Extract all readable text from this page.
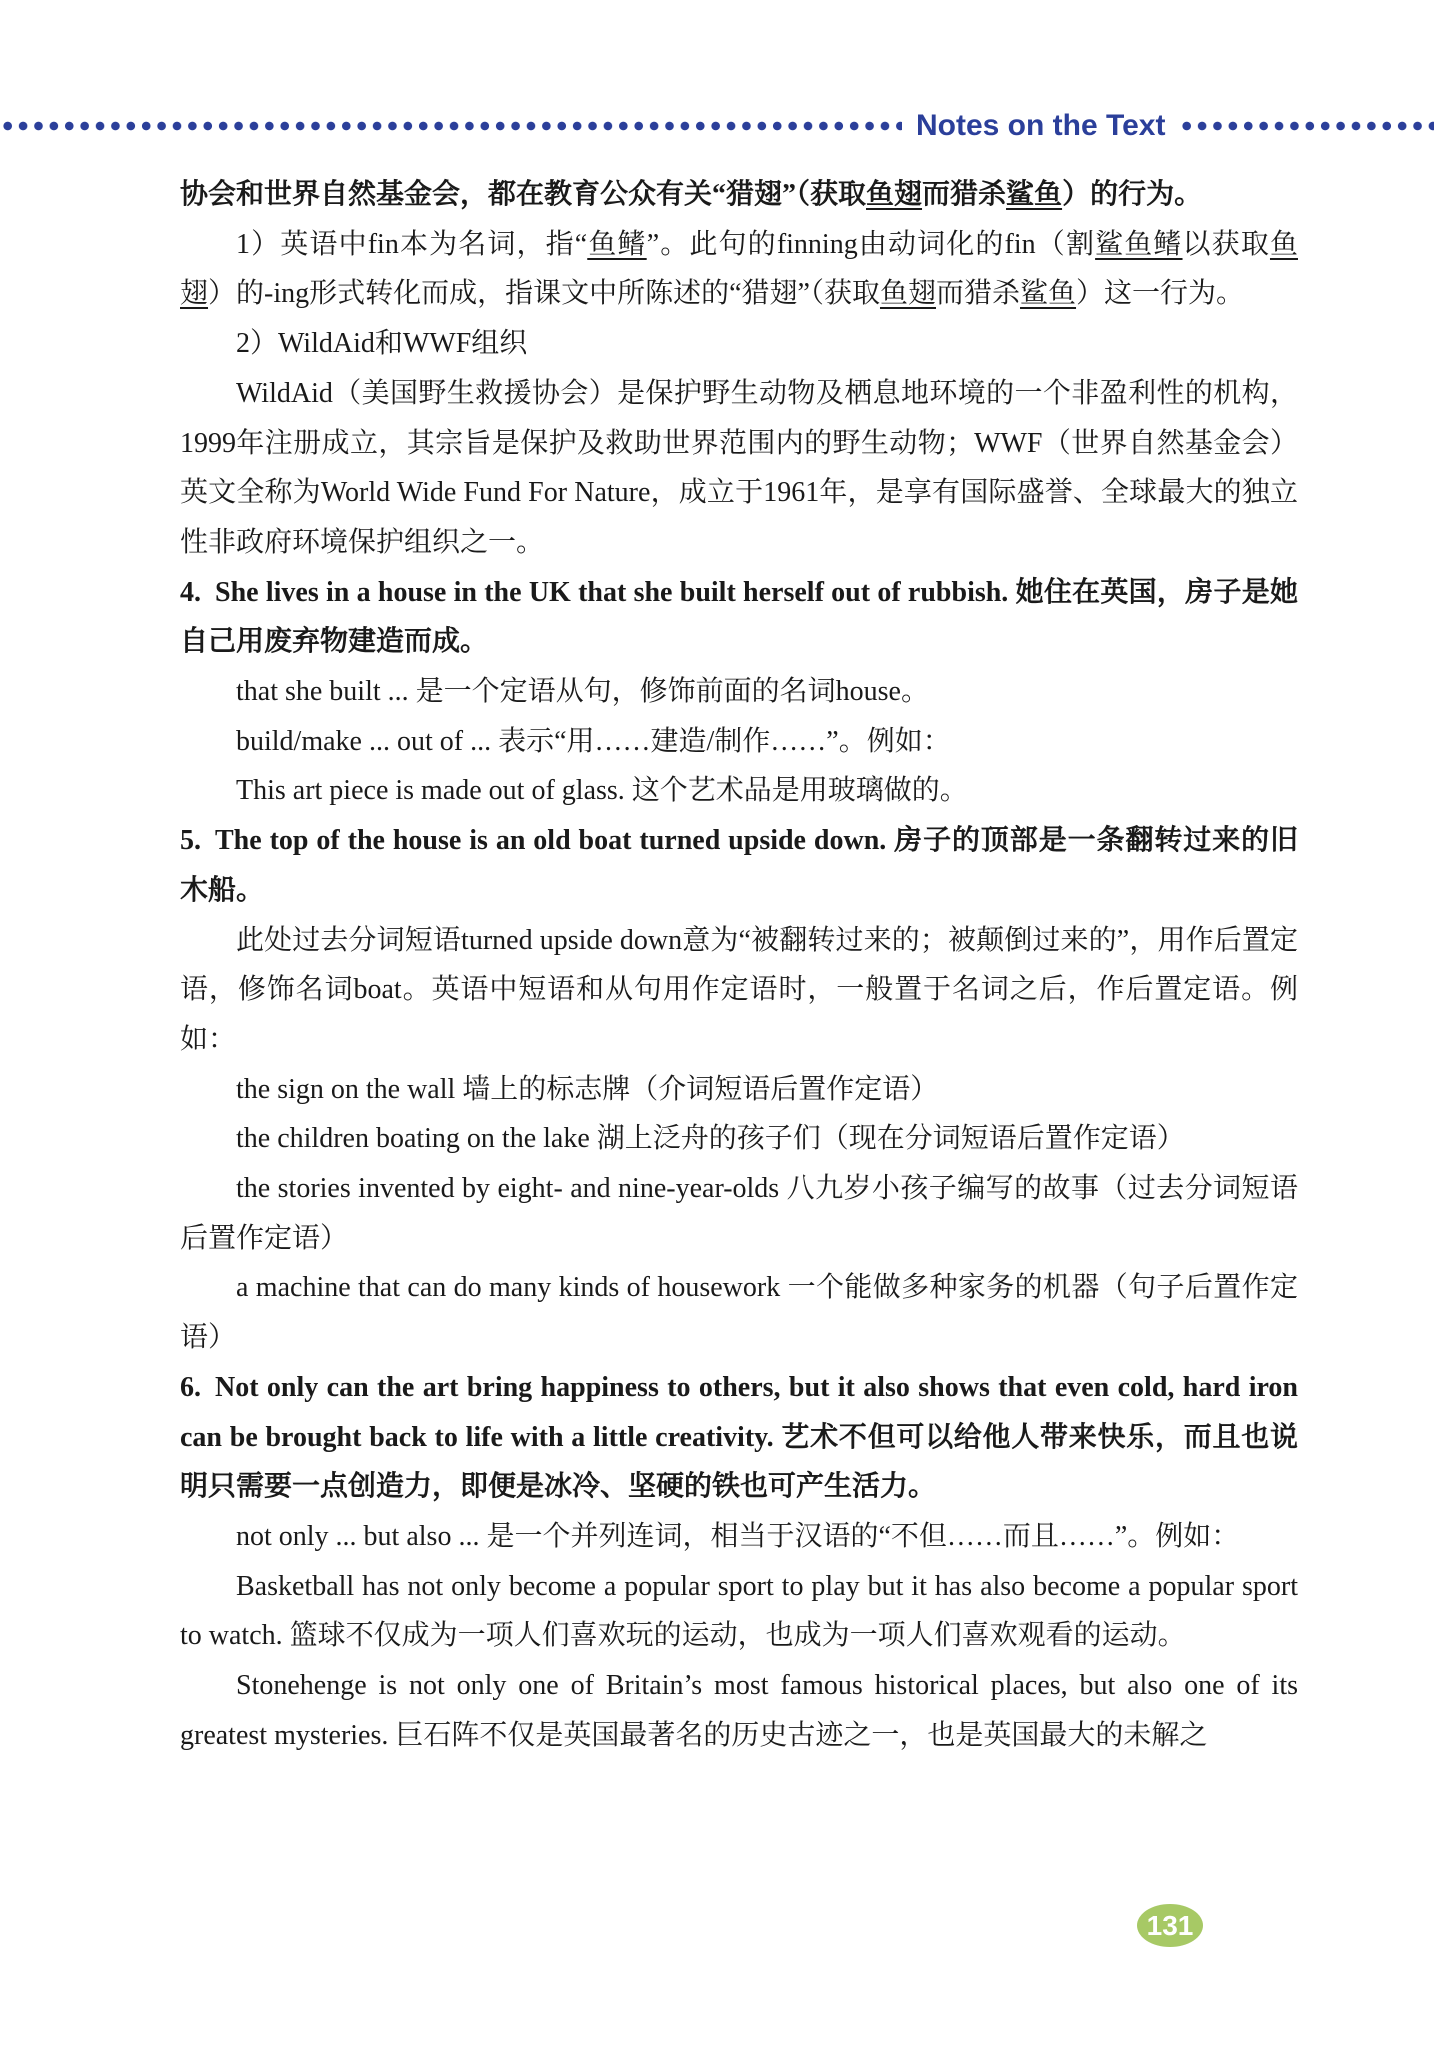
Notes on the Text

协会和世界自然基金会，都在教育公众有关“猎翅”（获取鱼翅而猎杀鲨鱼）的行为。

1）英语中fin本为名词，指“鱼鳍”。此句的finning由动词化的fin（割鲨鱼鳍以获取鱼翅）的-ing形式转化而成，指课文中所陈述的“猎翅”（获取鱼翅而猎杀鲨鱼）这一行为。

2）WildAid和WWF组织

WildAid（美国野生救援协会）是保护野生动物及栖息地环境的一个非盈利性的机构，1999年注册成立，其宗旨是保护及救助世界范围内的野生动物；WWF（世界自然基金会）英文全称为World Wide Fund For Nature，成立于1961年，是享有国际盛誉、全球最大的独立性非政府环境保护组织之一。

4. She lives in a house in the UK that she built herself out of rubbish. 她住在英国，房子是她自己用废弃物建造而成。

that she built ... 是一个定语从句，修饰前面的名词house。

build/make ... out of ... 表示“用……建造/制作……”。例如：

This art piece is made out of glass. 这个艺术品是用玻璃做的。

5. The top of the house is an old boat turned upside down. 房子的顶部是一条翻转过来的旧木船。

此处过去分词短语turned upside down意为“被翻转过来的；被颠倒过来的”，用作后置定语，修饰名词boat。英语中短语和从句用作定语时，一般置于名词之后，作后置定语。例如：

the sign on the wall 墙上的标志牌（介词短语后置作定语）

the children boating on the lake 湖上泛舟的孩子们（现在分词短语后置作定语）

the stories invented by eight- and nine-year-olds 八九岁小孩子编写的故事（过去分词短语后置作定语）

a machine that can do many kinds of housework 一个能做多种家务的机器（句子后置作定语）

6. Not only can the art bring happiness to others, but it also shows that even cold, hard iron can be brought back to life with a little creativity. 艺术不但可以给他人带来快乐，而且也说明只需要一点创造力，即便是冰冷、坚硬的铁也可产生活力。

not only ... but also ... 是一个并列连词，相当于汉语的“不但……而且……”。例如：

Basketball has not only become a popular sport to play but it has also become a popular sport to watch. 篮球不仅成为一项人们喜欢玩的运动，也成为一项人们喜欢观看的运动。

Stonehenge is not only one of Britain’s most famous historical places, but also one of its greatest mysteries. 巨石阵不仅是英国最著名的历史古迹之一，也是英国最大的未解之

131
